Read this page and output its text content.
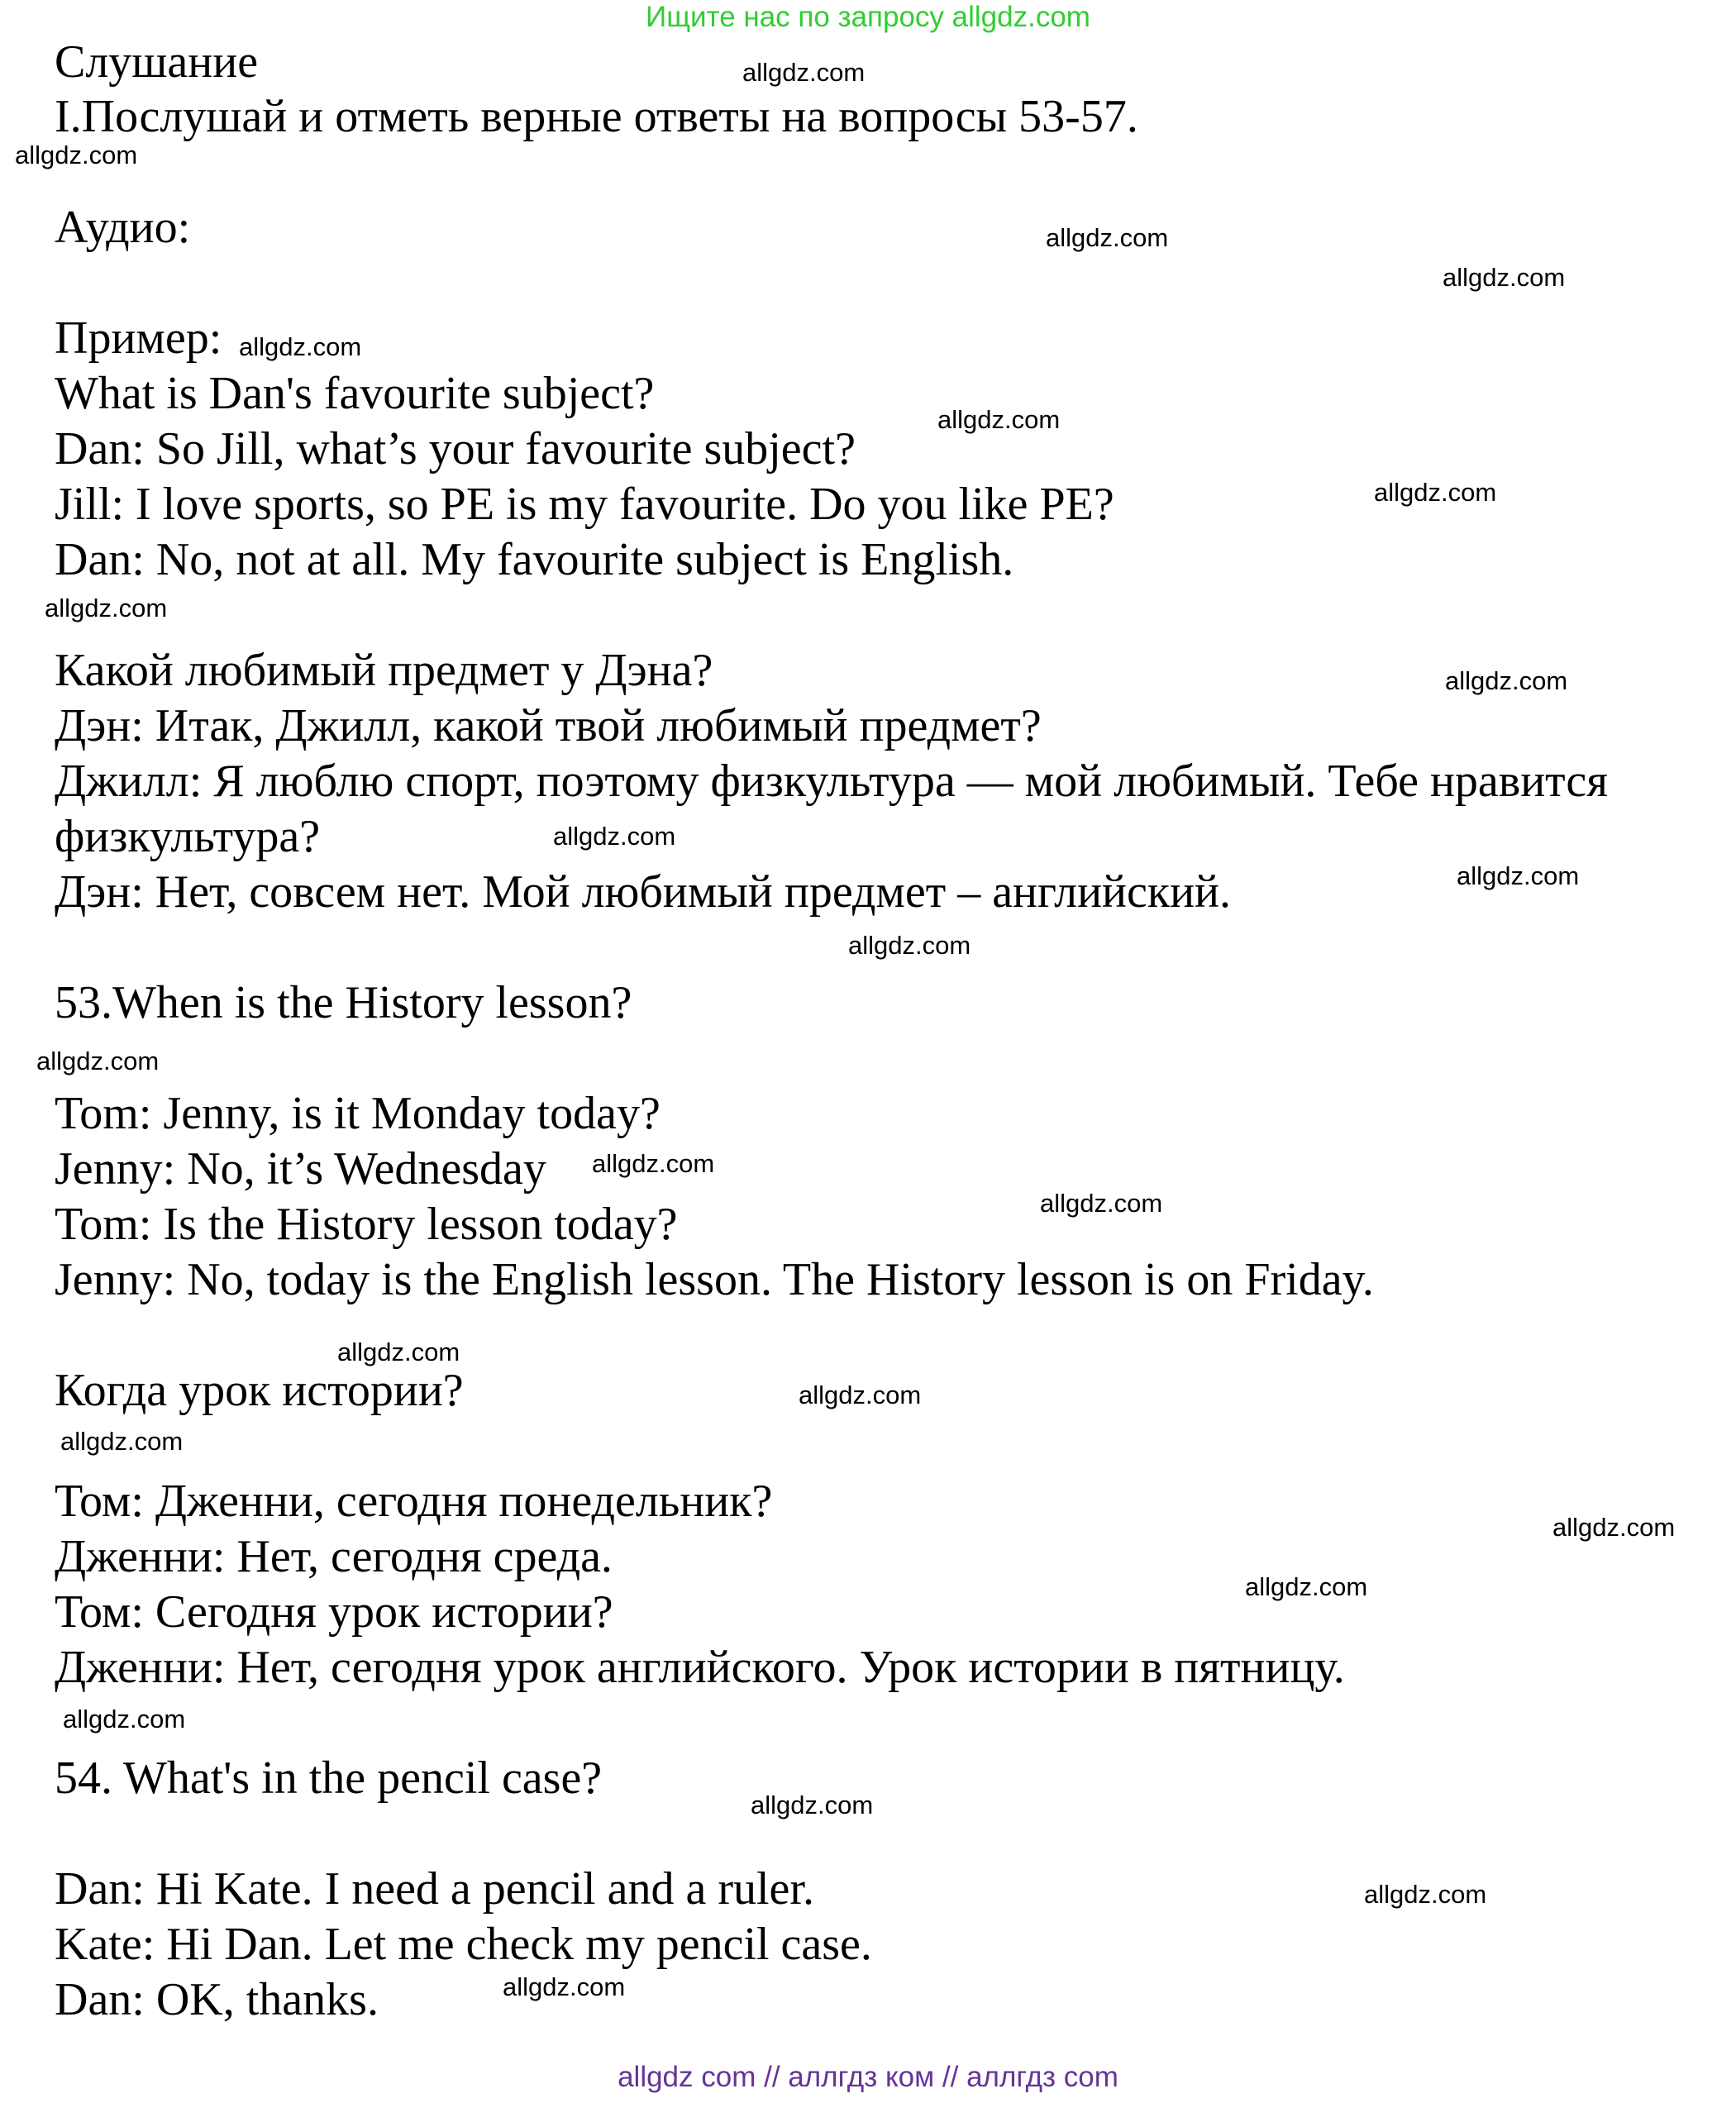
Ищите нас по запросу allgdz.com
Слушание
I.Послушай и отметь верные ответы на вопросы 53-57.
Аудио:
Пример:
What is Dan's favourite subject?
Dan: So Jill, what’s your favourite subject?
Jill: I love sports, so PE is my favourite. Do you like PE?
Dan: No, not at all. My favourite subject is English.
Какой любимый предмет у Дэна?
Дэн: Итак, Джилл, какой твой любимый предмет?
Джилл: Я люблю спорт, поэтому физкультура — мой любимый. Тебе нравится
физкультура?
Дэн: Нет, совсем нет. Мой любимый предмет – английский.
53.When is the History lesson?
Tom: Jenny, is it Monday today?
Jenny: No, it’s Wednesday
Tom: Is the History lesson today?
Jenny: No, today is the English lesson. The History lesson is on Friday.
Когда урок истории?
Том: Дженни, сегодня понедельник?
Дженни: Нет, сегодня среда.
Том: Сегодня урок истории?
Дженни: Нет, сегодня урок английского. Урок истории в пятницу.
54. What's in the pencil case?
Dan: Hi Kate. I need a pencil and a ruler.
Kate: Hi Dan. Let me check my pencil case.
Dan: OK, thanks.
allgdz.com
allgdz.com
allgdz.com
allgdz.com
allgdz.com
allgdz.com
allgdz.com
allgdz.com
allgdz.com
allgdz.com
allgdz.com
allgdz.com
allgdz.com
allgdz.com
allgdz.com
allgdz.com
allgdz.com
allgdz.com
allgdz.com
allgdz.com
allgdz.com
allgdz.com
allgdz.com
allgdz.com
allgdz com // аллгдз ком // аллгдз com
